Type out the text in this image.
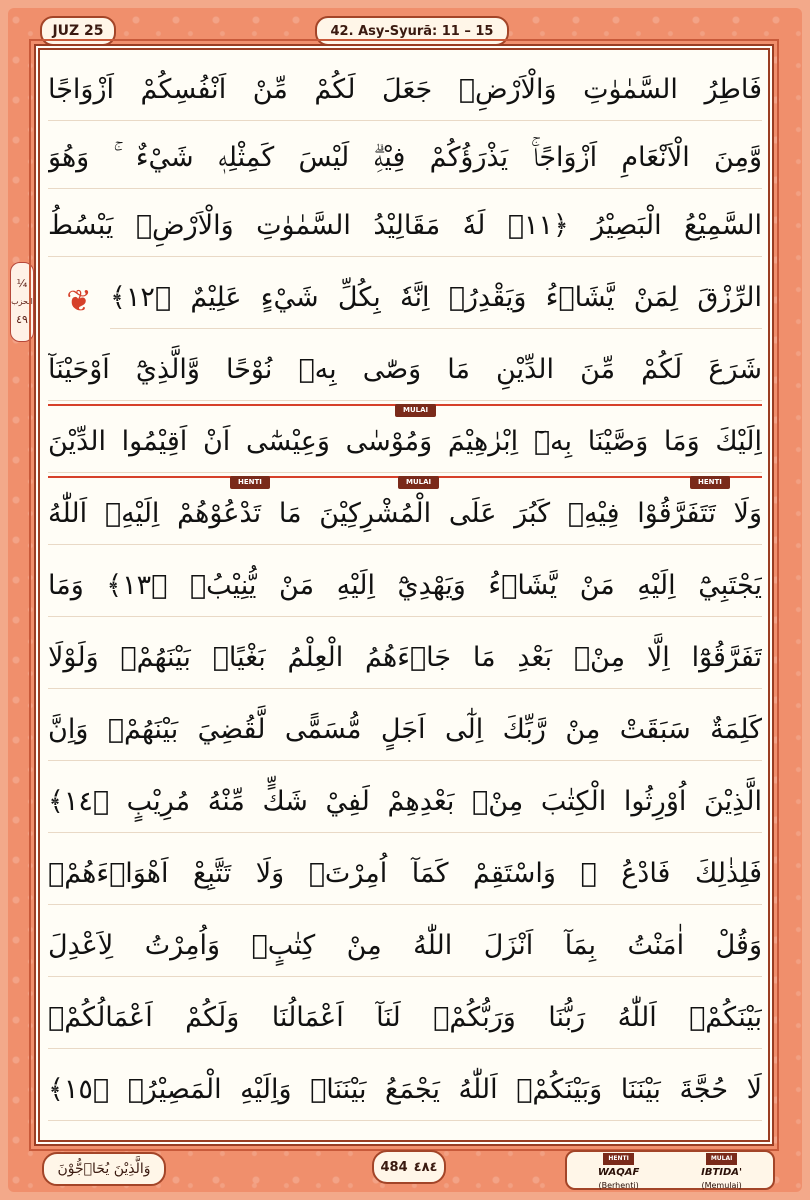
JUZ 25	42. Asy-Syurā: 11 – 15
¼
الحزب
٤٩
❦
فَاطِرُ السَّمٰوٰتِ وَالْاَرْضِۗ جَعَلَ لَكُمْ مِّنْ اَنْفُسِكُمْ اَزْوَاجًا
وَّمِنَ الْاَنْعَامِ اَزْوَاجًاۚ يَذْرَؤُكُمْ فِيْهِۗ لَيْسَ كَمِثْلِهٖ شَيْءٌ ۚ وَهُوَ
السَّمِيْعُ الْبَصِيْرُ ﴿١١﴾ لَهٗ مَقَالِيْدُ السَّمٰوٰتِ وَالْاَرْضِۚ يَبْسُطُ
الرِّزْقَ لِمَنْ يَّشَاۤءُ وَيَقْدِرُۗ اِنَّهٗ بِكُلِّ شَيْءٍ عَلِيْمٌ ﴿١٢﴾
شَرَعَ لَكُمْ مِّنَ الدِّيْنِ مَا وَصّٰى بِهٖ نُوْحًا وَّالَّذِيْٓ اَوْحَيْنَآ
اِلَيْكَ وَمَا وَصَّيْنَا بِهٖٓ اِبْرٰهِيْمَ وَمُوْسٰى وَعِيْسٰٓى اَنْ اَقِيْمُوا الدِّيْنَ
وَلَا تَتَفَرَّقُوْا فِيْهِۗ كَبُرَ عَلَى الْمُشْرِكِيْنَ مَا تَدْعُوْهُمْ اِلَيْهِۗ اَللّٰهُ
يَجْتَبِيْٓ اِلَيْهِ مَنْ يَّشَاۤءُ وَيَهْدِيْٓ اِلَيْهِ مَنْ يُّنِيْبُۗ ﴿١٣﴾ وَمَا
تَفَرَّقُوْٓا اِلَّا مِنْۢ بَعْدِ مَا جَاۤءَهُمُ الْعِلْمُ بَغْيًاۢ بَيْنَهُمْۗ وَلَوْلَا
كَلِمَةٌ سَبَقَتْ مِنْ رَّبِّكَ اِلٰٓى اَجَلٍ مُّسَمًّى لَّقُضِيَ بَيْنَهُمْۗ وَاِنَّ
الَّذِيْنَ اُوْرِثُوا الْكِتٰبَ مِنْۢ بَعْدِهِمْ لَفِيْ شَكٍّ مِّنْهُ مُرِيْبٍ ﴿١٤﴾
فَلِذٰلِكَ فَادْعُ ۚ وَاسْتَقِمْ كَمَآ اُمِرْتَۚ وَلَا تَتَّبِعْ اَهْوَاۤءَهُمْۚ
وَقُلْ اٰمَنْتُ بِمَآ اَنْزَلَ اللّٰهُ مِنْ كِتٰبٍۚ وَاُمِرْتُ لِاَعْدِلَ
بَيْنَكُمْۗ اَللّٰهُ رَبُّنَا وَرَبُّكُمْۗ لَنَآ اَعْمَالُنَا وَلَكُمْ اَعْمَالُكُمْۗ
لَا حُجَّةَ بَيْنَنَا وَبَيْنَكُمْۗ اَللّٰهُ يَجْمَعُ بَيْنَنَاۚ وَاِلَيْهِ الْمَصِيْرُۗ ﴿١٥﴾
MULAI
HENTI	MULAI	HENTI
وَالَّذِيْنَ يُحَاۤجُّوْنَ	484 ٤٨٤
HENTI
WAQAF
(Berhenti)
MULAI
IBTIDA'
(Memulai)
